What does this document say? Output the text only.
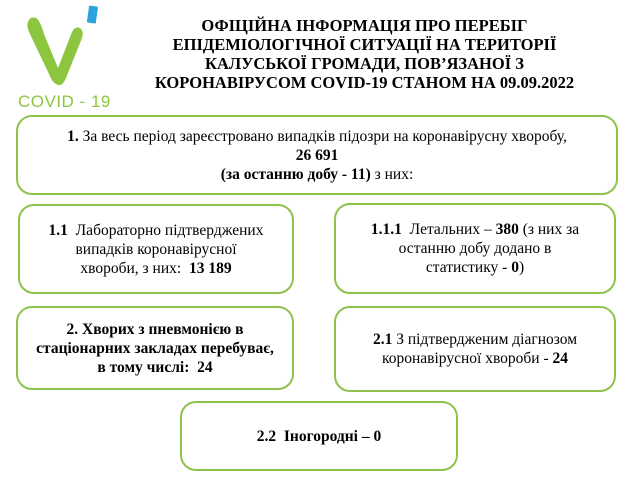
COVID - 19
ОФІЦІЙНА ІНФОРМАЦІЯ ПРО ПЕРЕБІГ
ЕПІДЕМІОЛОГІЧНОЇ СИТУАЦІЇ НА ТЕРИТОРІЇ
КАЛУСЬКОЇ ГРОМАДИ, ПОВ’ЯЗАНОЇ З
КОРОНАВІРУСОМ COVID-19 СТАНОМ НА 09.09.2022

1. За весь період зареєстровано випадків підозри на коронавірусну хворобу,

26 691

(за останню добу - 11) з них:

1.1  Лабораторно підтверджених

випадків коронавірусної

хвороби, з них:  13 189

1.1.1  Летальних – 380 (з них за

останню добу додано в

статистику - 0)

2. Хворих з пневмонією в

стаціонарних закладах перебуває,

в тому числі:  24

2.1 З підтвердженим діагнозом

коронавірусної хвороби - 24

2.2  Іногородні – 0
